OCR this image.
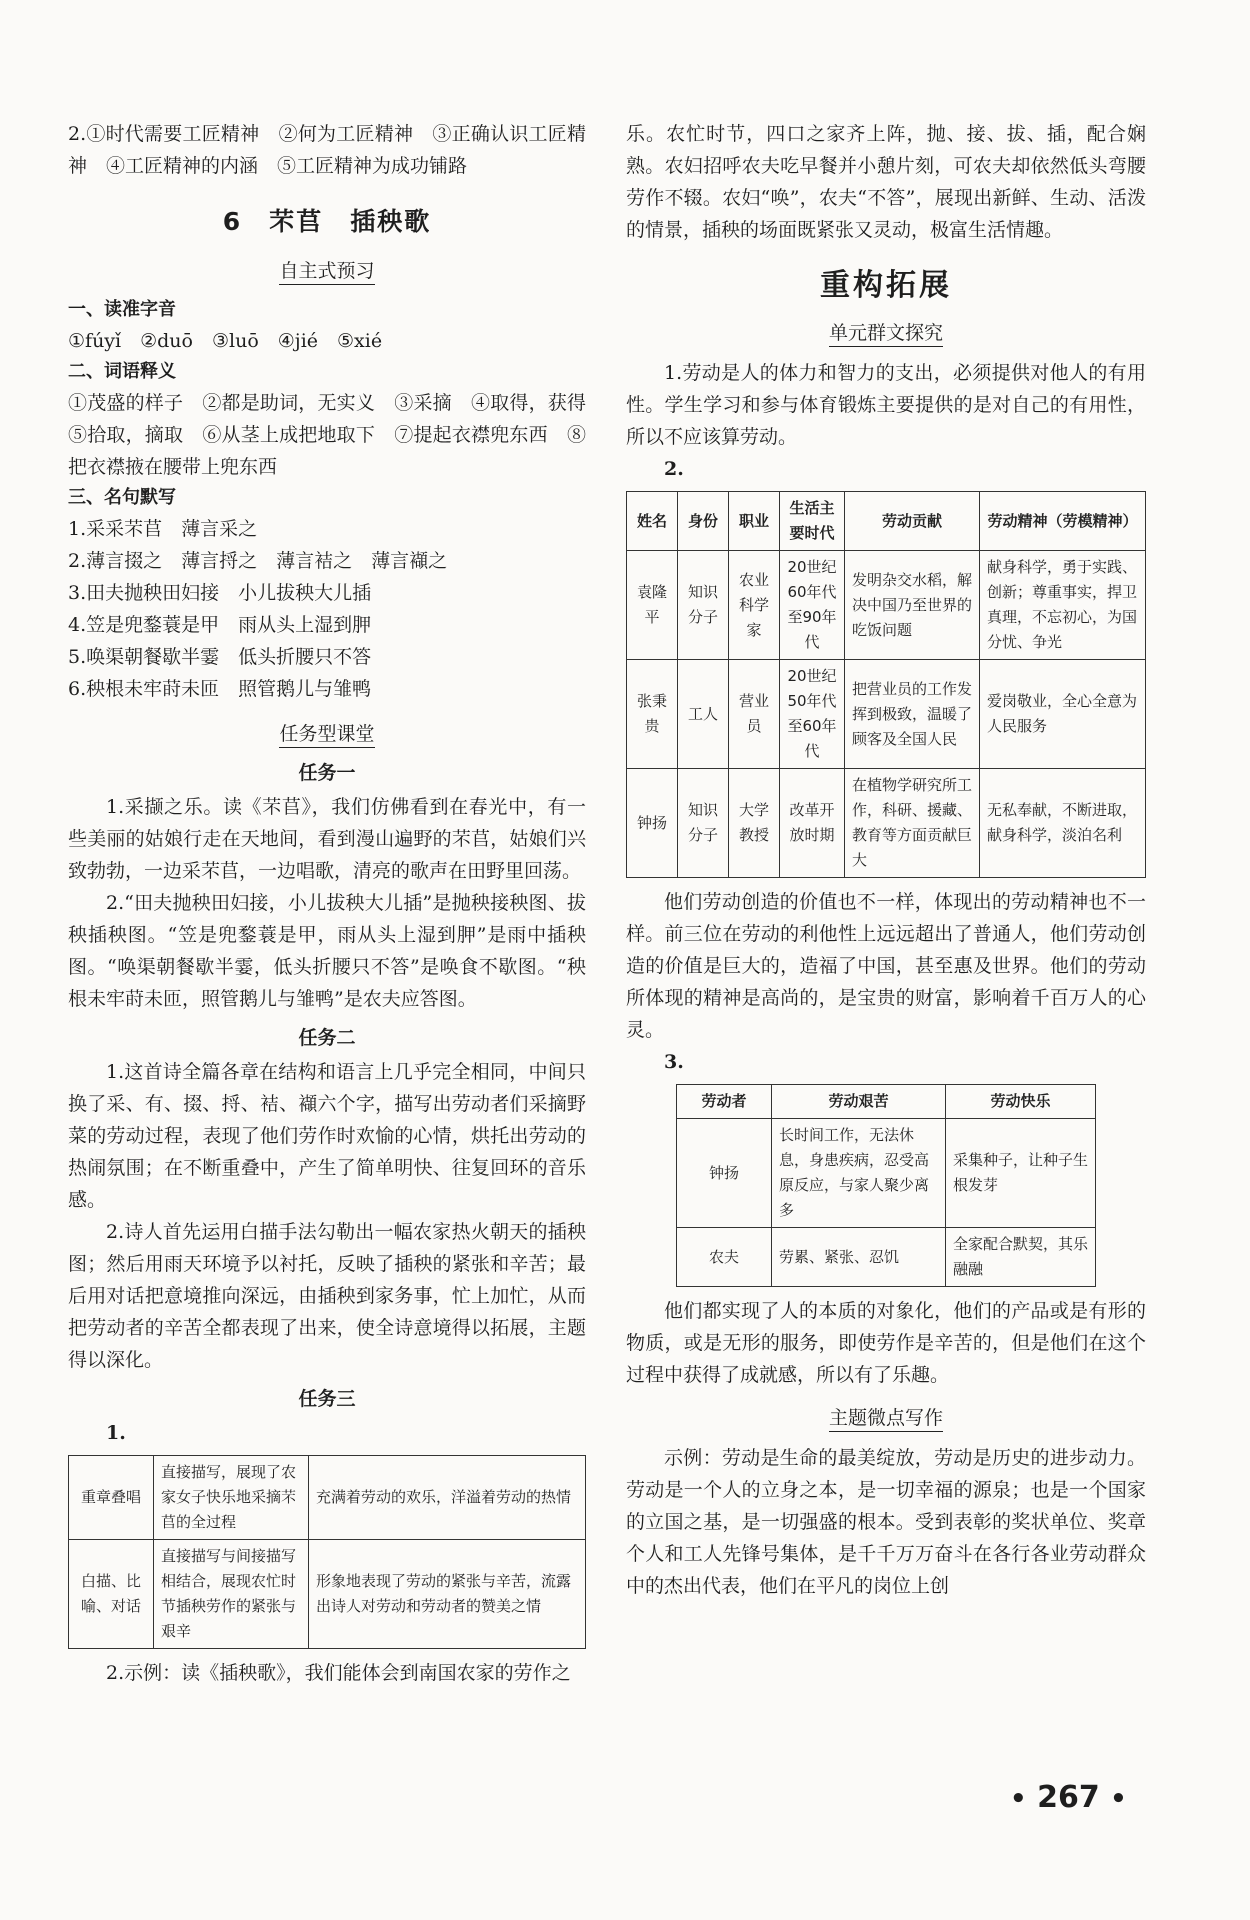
2.①时代需要工匠精神　②何为工匠精神　③正确认识工匠精神　④工匠精神的内涵　⑤工匠精神为成功铺路

6　芣苢　插秧歌
自主式预习
一、读准字音

①fúyǐ　②duō　③luō　④jié　⑤xié

二、词语释义

①茂盛的样子　②都是助词，无实义　③采摘　④取得，获得　⑤拾取，摘取　⑥从茎上成把地取下　⑦提起衣襟兜东西　⑧把衣襟掖在腰带上兜东西

三、名句默写

1.采采芣苢　薄言采之

2.薄言掇之　薄言捋之　薄言袺之　薄言襭之

3.田夫抛秧田妇接　小儿拔秧大儿插

4.笠是兜鍪蓑是甲　雨从头上湿到胛

5.唤渠朝餐歇半霎　低头折腰只不答

6.秧根未牢莳未匝　照管鹅儿与雏鸭

任务型课堂
任务一

1.采撷之乐。读《芣苢》，我们仿佛看到在春光中，有一些美丽的姑娘行走在天地间，看到漫山遍野的芣苢，姑娘们兴致勃勃，一边采芣苢，一边唱歌，清亮的歌声在田野里回荡。

2.“田夫抛秧田妇接，小儿拔秧大儿插”是抛秧接秧图、拔秧插秧图。“笠是兜鍪蓑是甲，雨从头上湿到胛”是雨中插秧图。“唤渠朝餐歇半霎，低头折腰只不答”是唤食不歇图。“秧根未牢莳未匝，照管鹅儿与雏鸭”是农夫应答图。

任务二

1.这首诗全篇各章在结构和语言上几乎完全相同，中间只换了采、有、掇、捋、袺、襭六个字，描写出劳动者们采摘野菜的劳动过程，表现了他们劳作时欢愉的心情，烘托出劳动的热闹氛围；在不断重叠中，产生了简单明快、往复回环的音乐感。

2.诗人首先运用白描手法勾勒出一幅农家热火朝天的插秧图；然后用雨天环境予以衬托，反映了插秧的紧张和辛苦；最后用对话把意境推向深远，由插秧到家务事，忙上加忙，从而把劳动者的辛苦全都表现了出来，使全诗意境得以拓展，主题得以深化。

任务三

1.

重章叠唱	直接描写，展现了农家女子快乐地采摘芣苢的全过程	充满着劳动的欢乐，洋溢着劳动的热情
白描、比喻、对话	直接描写与间接描写相结合，展现农忙时节插秧劳作的紧张与艰辛	形象地表现了劳动的紧张与辛苦，流露出诗人对劳动和劳动者的赞美之情

2.示例：读《插秧歌》，我们能体会到南国农家的劳作之

乐。农忙时节，四口之家齐上阵，抛、接、拔、插，配合娴熟。农妇招呼农夫吃早餐并小憩片刻，可农夫却依然低头弯腰劳作不辍。农妇“唤”，农夫“不答”，展现出新鲜、生动、活泼的情景，插秧的场面既紧张又灵动，极富生活情趣。

重构拓展
单元群文探究

1.劳动是人的体力和智力的支出，必须提供对他人的有用性。学生学习和参与体育锻炼主要提供的是对自己的有用性，所以不应该算劳动。

2.

姓名	身份	职业	生活主要时代	劳动贡献	劳动精神（劳模精神）
袁隆平	知识分子	农业科学家	20世纪60年代至90年代	发明杂交水稻，解决中国乃至世界的吃饭问题	献身科学，勇于实践、创新；尊重事实，捍卫真理，不忘初心，为国分忧、争光
张秉贵	工人	营业员	20世纪50年代至60年代	把营业员的工作发挥到极致，温暖了顾客及全国人民	爱岗敬业，全心全意为人民服务
钟扬	知识分子	大学教授	改革开放时期	在植物学研究所工作，科研、援藏、教育等方面贡献巨大	无私奉献，不断进取，献身科学，淡泊名利

他们劳动创造的价值也不一样，体现出的劳动精神也不一样。前三位在劳动的利他性上远远超出了普通人，他们劳动创造的价值是巨大的，造福了中国，甚至惠及世界。他们的劳动所体现的精神是高尚的，是宝贵的财富，影响着千百万人的心灵。

3.

劳动者	劳动艰苦	劳动快乐
钟扬	长时间工作，无法休息，身患疾病，忍受高原反应，与家人聚少离多	采集种子，让种子生根发芽
农夫	劳累、紧张、忍饥	全家配合默契，其乐融融

他们都实现了人的本质的对象化，他们的产品或是有形的物质，或是无形的服务，即使劳作是辛苦的，但是他们在这个过程中获得了成就感，所以有了乐趣。

主题微点写作

示例：劳动是生命的最美绽放，劳动是历史的进步动力。劳动是一个人的立身之本，是一切幸福的源泉；也是一个国家的立国之基，是一切强盛的根本。受到表彰的奖状单位、奖章个人和工人先锋号集体，是千千万万奋斗在各行各业劳动群众中的杰出代表，他们在平凡的岗位上创

• 267 •
